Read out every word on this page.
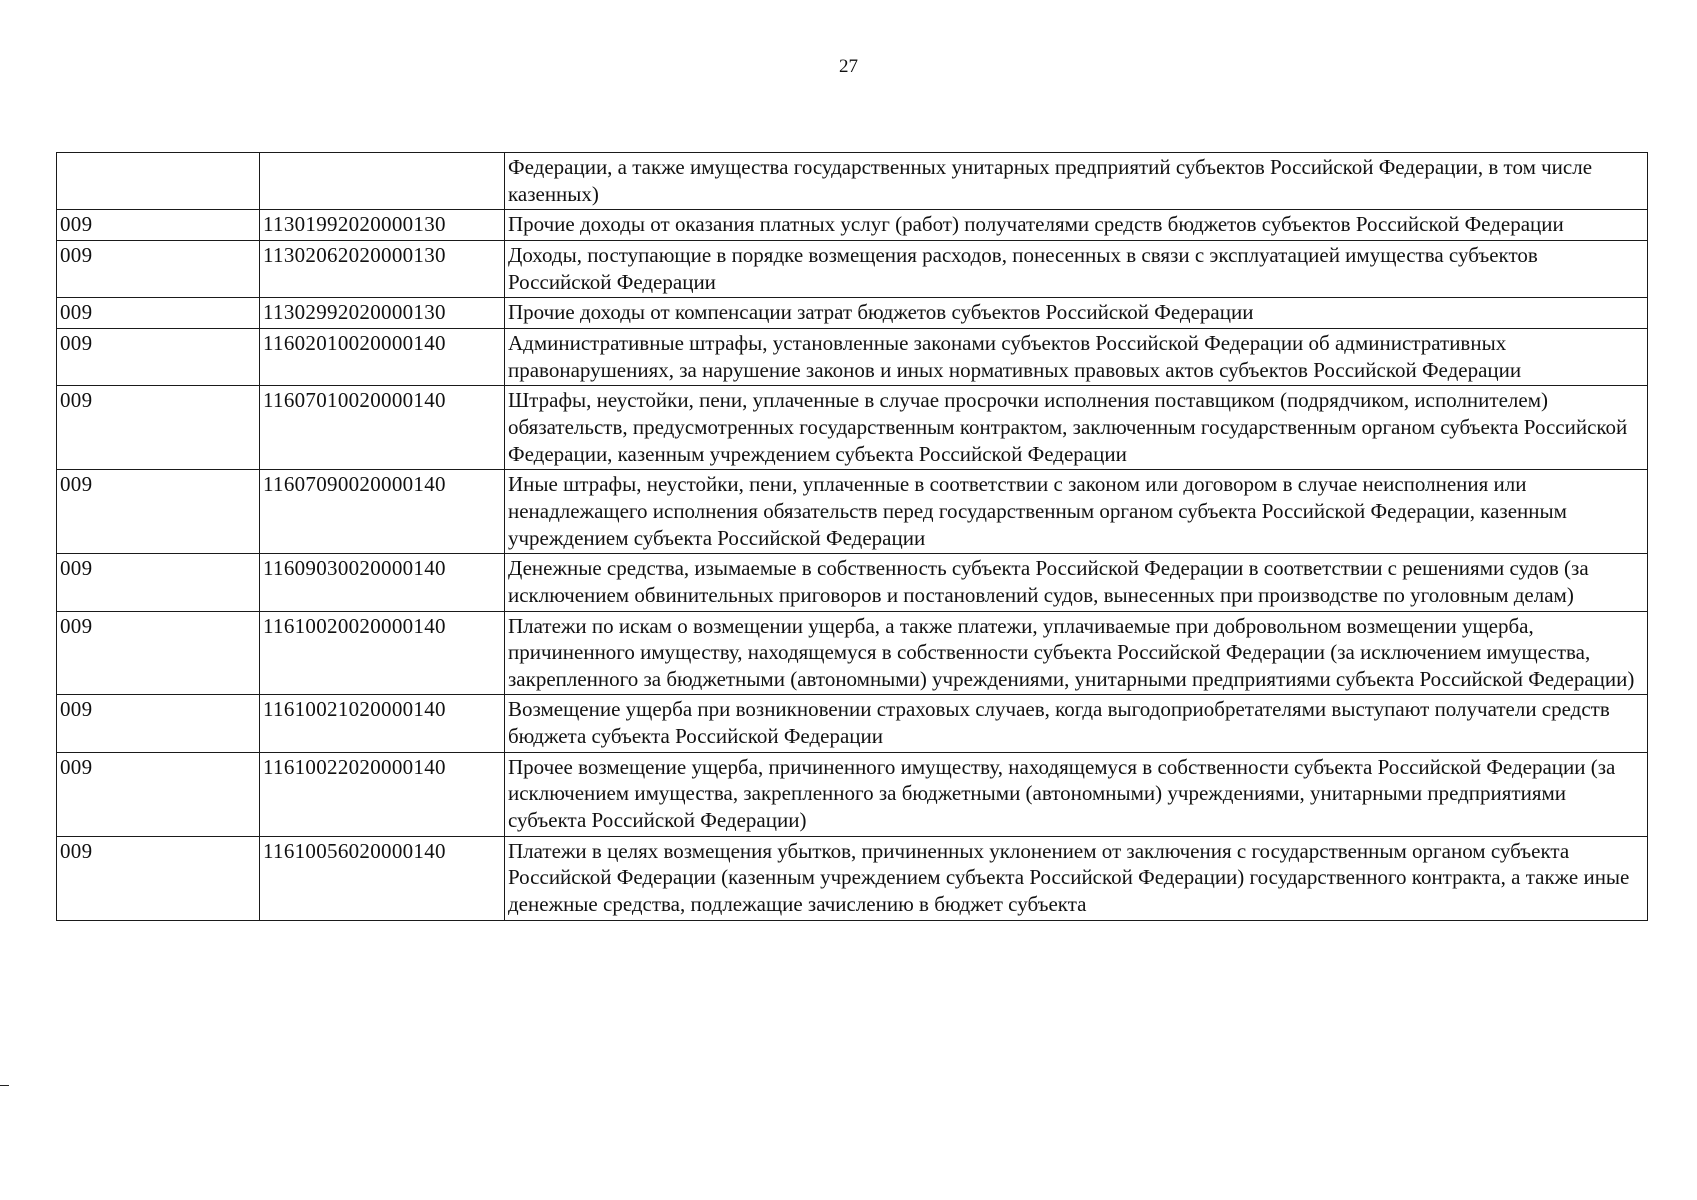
27
		Федерации, а также имущества государственных унитарных предприятий субъектов Российской Федерации, в том числе казенных)
009	11301992020000130	Прочие доходы от оказания платных услуг (работ) получателями средств бюджетов субъектов Российской Федерации
009	11302062020000130	Доходы, поступающие в порядке возмещения расходов, понесенных в связи с эксплуатацией имущества субъектов Российской Федерации
009	11302992020000130	Прочие доходы от компенсации затрат бюджетов субъектов Российской Федерации
009	11602010020000140	Административные штрафы, установленные законами субъектов Российской Федерации об административных правонарушениях, за нарушение законов и иных нормативных правовых актов субъектов Российской Федерации
009	11607010020000140	Штрафы, неустойки, пени, уплаченные в случае просрочки исполнения поставщиком (подрядчиком, исполнителем) обязательств, предусмотренных государственным контрактом, заключенным государственным органом субъекта Российской Федерации, казенным учреждением субъекта Российской Федерации
009	11607090020000140	Иные штрафы, неустойки, пени, уплаченные в соответствии с законом или договором в случае неисполнения или ненадлежащего исполнения обязательств перед государственным органом субъекта Российской Федерации, казенным учреждением субъекта Российской Федерации
009	11609030020000140	Денежные средства, изымаемые в собственность субъекта Российской Федерации в соответствии с решениями судов (за исключением обвинительных приговоров и постановлений судов, вынесенных при производстве по уголовным делам)
009	11610020020000140	Платежи по искам о возмещении ущерба, а также платежи, уплачиваемые при добровольном возмещении ущерба, причиненного имуществу, находящемуся в собственности субъекта Российской Федерации (за исключением имущества, закрепленного за бюджетными (автономными) учреждениями, унитарными предприятиями субъекта Российской Федерации)
009	11610021020000140	Возмещение ущерба при возникновении страховых случаев, когда выгодоприобретателями выступают получатели средств бюджета субъекта Российской Федерации
009	11610022020000140	Прочее возмещение ущерба, причиненного имуществу, находящемуся в собственности субъекта Российской Федерации (за исключением имущества, закрепленного за бюджетными (автономными) учреждениями, унитарными предприятиями субъекта Российской Федерации)
009	11610056020000140	Платежи в целях возмещения убытков, причиненных уклонением от заключения с государственным органом субъекта Российской Федерации (казенным учреждением субъекта Российской Федерации) государственного контракта, а также иные денежные средства, подлежащие зачислению в бюджет субъекта
